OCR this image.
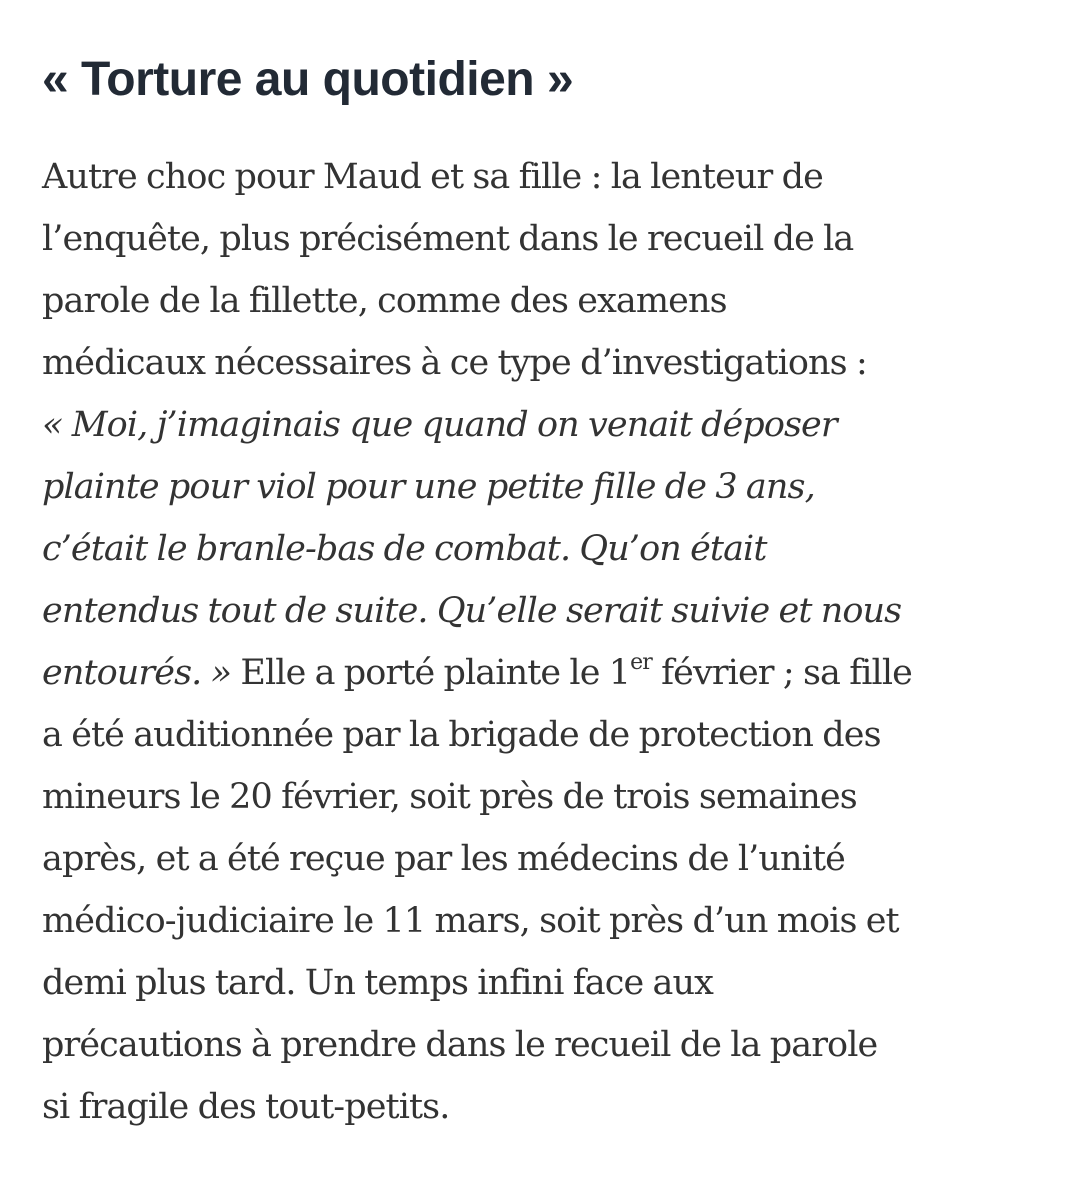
« Torture au quotidien »
Autre choc pour Maud et sa fille : la lenteur de
l’enquête, plus précisément dans le recueil de la
parole de la fillette, comme des examens
médicaux nécessaires à ce type d’investigations :
« Moi, j’imaginais que quand on venait déposer
plainte pour viol pour une petite fille de 3 ans,
c’était le branle-bas de combat. Qu’on était
entendus tout de suite. Qu’elle serait suivie et nous
entourés. » Elle a porté plainte le 1er février ; sa fille
a été auditionnée par la brigade de protection des
mineurs le 20 février, soit près de trois semaines
après, et a été reçue par les médecins de l’unité
médico-judiciaire le 11 mars, soit près d’un mois et
demi plus tard. Un temps infini face aux
précautions à prendre dans le recueil de la parole
si fragile des tout-petits.
